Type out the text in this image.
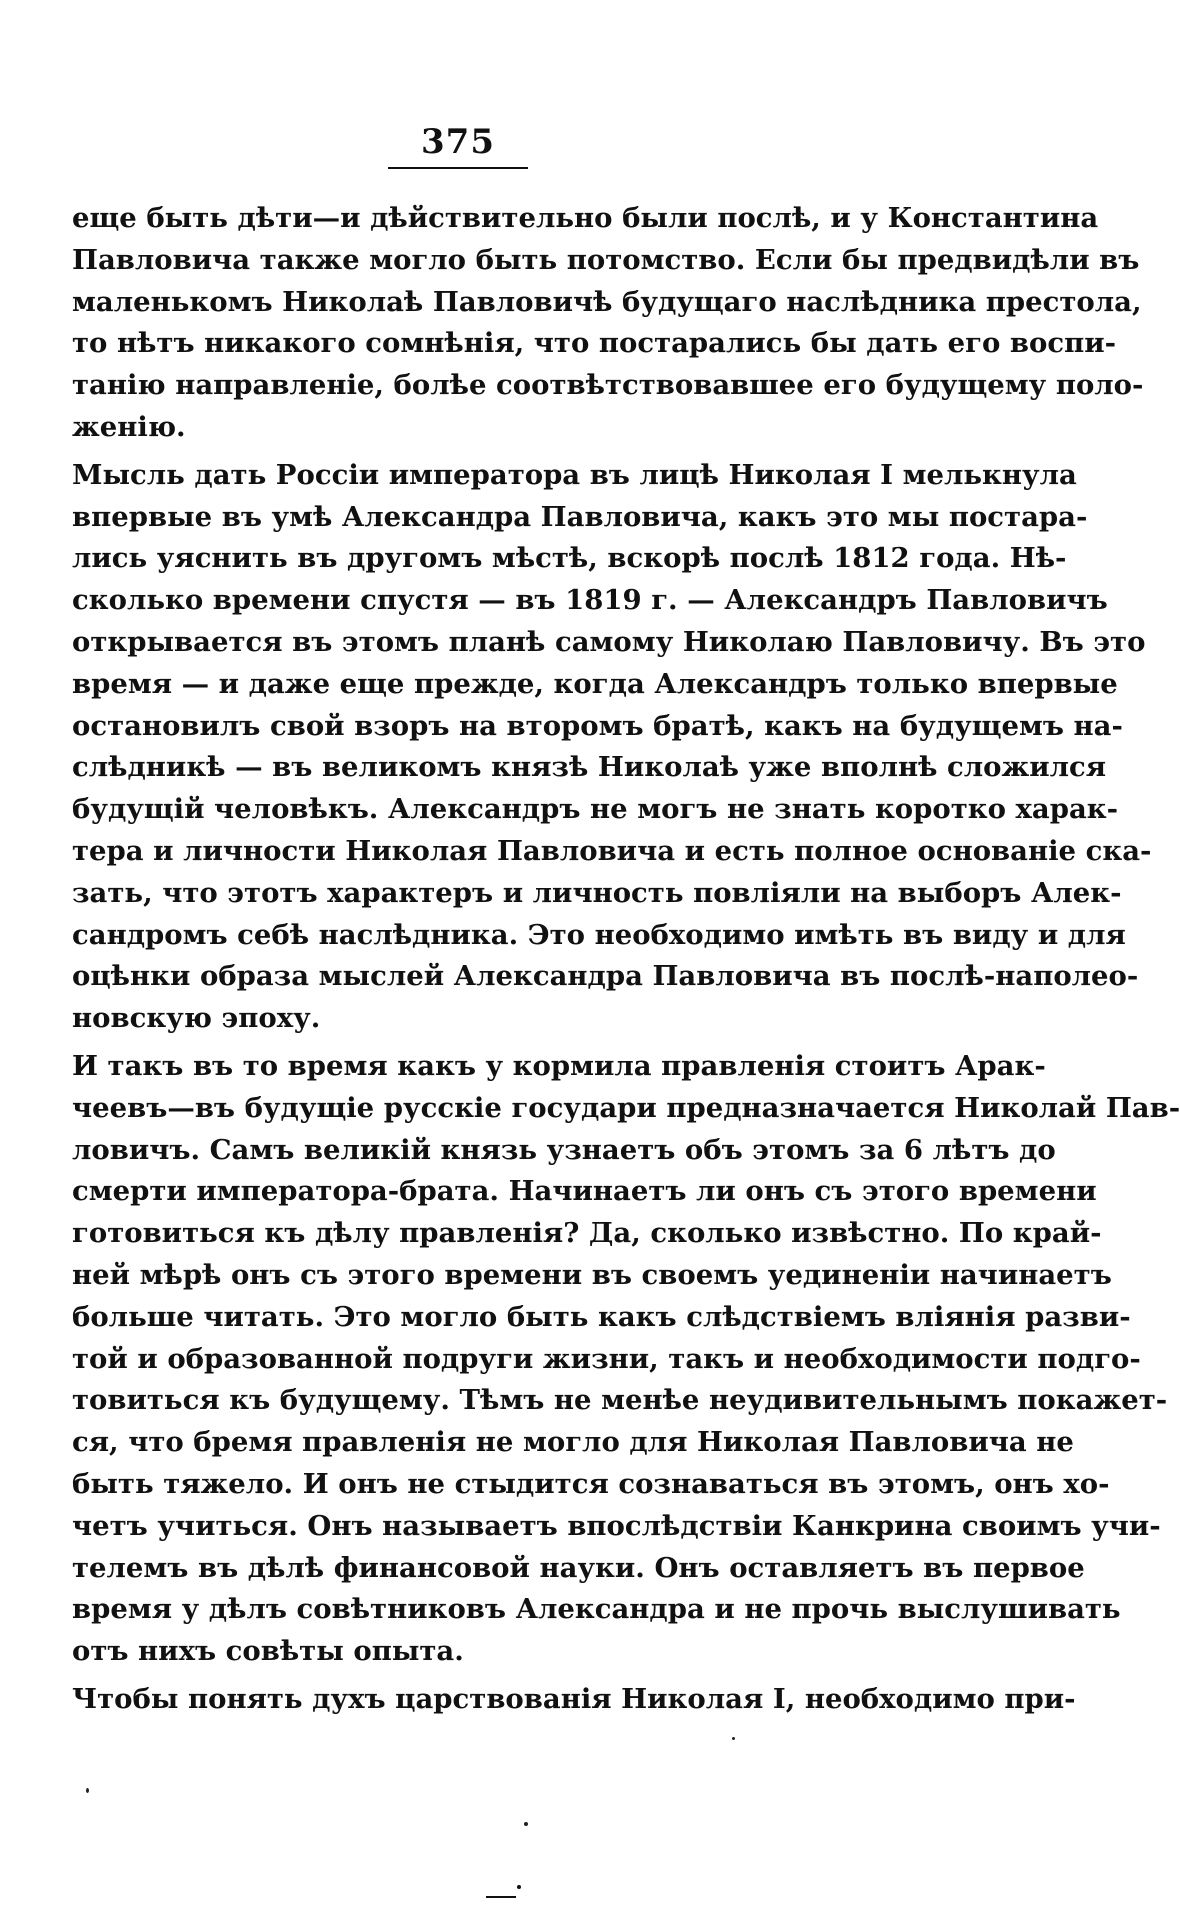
375
еще быть дѣти—и дѣйствительно были послѣ, и у Константина
Павловича также могло быть потомство. Если бы предвидѣли въ
маленькомъ Николаѣ Павловичѣ будущаго наслѣдника престола,
то нѣтъ никакого сомнѣнія, что постарались бы дать его воспи-
танію направленіе, болѣе соотвѣтствовавшее его будущему поло-
женію.
Мысль дать Россіи императора въ лицѣ Николая I мелькнула
впервые въ умѣ Александра Павловича, какъ это мы постара-
лись уяснить въ другомъ мѣстѣ, вскорѣ послѣ 1812 года. Нѣ-
сколько времени спустя — въ 1819 г. — Александръ Павловичъ
открывается въ этомъ планѣ самому Николаю Павловичу. Въ это
время — и даже еще прежде, когда Александръ только впервые
остановилъ свой взоръ на второмъ братѣ, какъ на будущемъ на-
слѣдникѣ — въ великомъ князѣ Николаѣ уже вполнѣ сложился
будущій человѣкъ. Александръ не могъ не знать коротко харак-
тера и личности Николая Павловича и есть полное основаніе ска-
зать, что этотъ характеръ и личность повліяли на выборъ Алек-
сандромъ себѣ наслѣдника. Это необходимо имѣть въ виду и для
оцѣнки образа мыслей Александра Павловича въ послѣ-наполео-
новскую эпоху.
И такъ въ то время какъ у кормила правленія стоитъ Арак-
чеевъ—въ будущіе русскіе государи предназначается Николай Пав-
ловичъ. Самъ великій князь узнаетъ объ этомъ за 6 лѣтъ до
смерти императора-брата. Начинаетъ ли онъ съ этого времени
готовиться къ дѣлу правленія? Да, сколько извѣстно. По край-
ней мѣрѣ онъ съ этого времени въ своемъ уединеніи начинаетъ
больше читать. Это могло быть какъ слѣдствіемъ вліянія разви-
той и образованной подруги жизни, такъ и необходимости подго-
товиться къ будущему. Тѣмъ не менѣе неудивительнымъ покажет-
ся, что бремя правленія не могло для Николая Павловича не
быть тяжело. И онъ не стыдится сознаваться въ этомъ, онъ хо-
четъ учиться. Онъ называетъ впослѣдствіи Канкрина своимъ учи-
телемъ въ дѣлѣ финансовой науки. Онъ оставляетъ въ первое
время у дѣлъ совѣтниковъ Александра и не прочь выслушивать
отъ нихъ совѣты опыта.
Чтобы понять духъ царствованія Николая I, необходимо при-
